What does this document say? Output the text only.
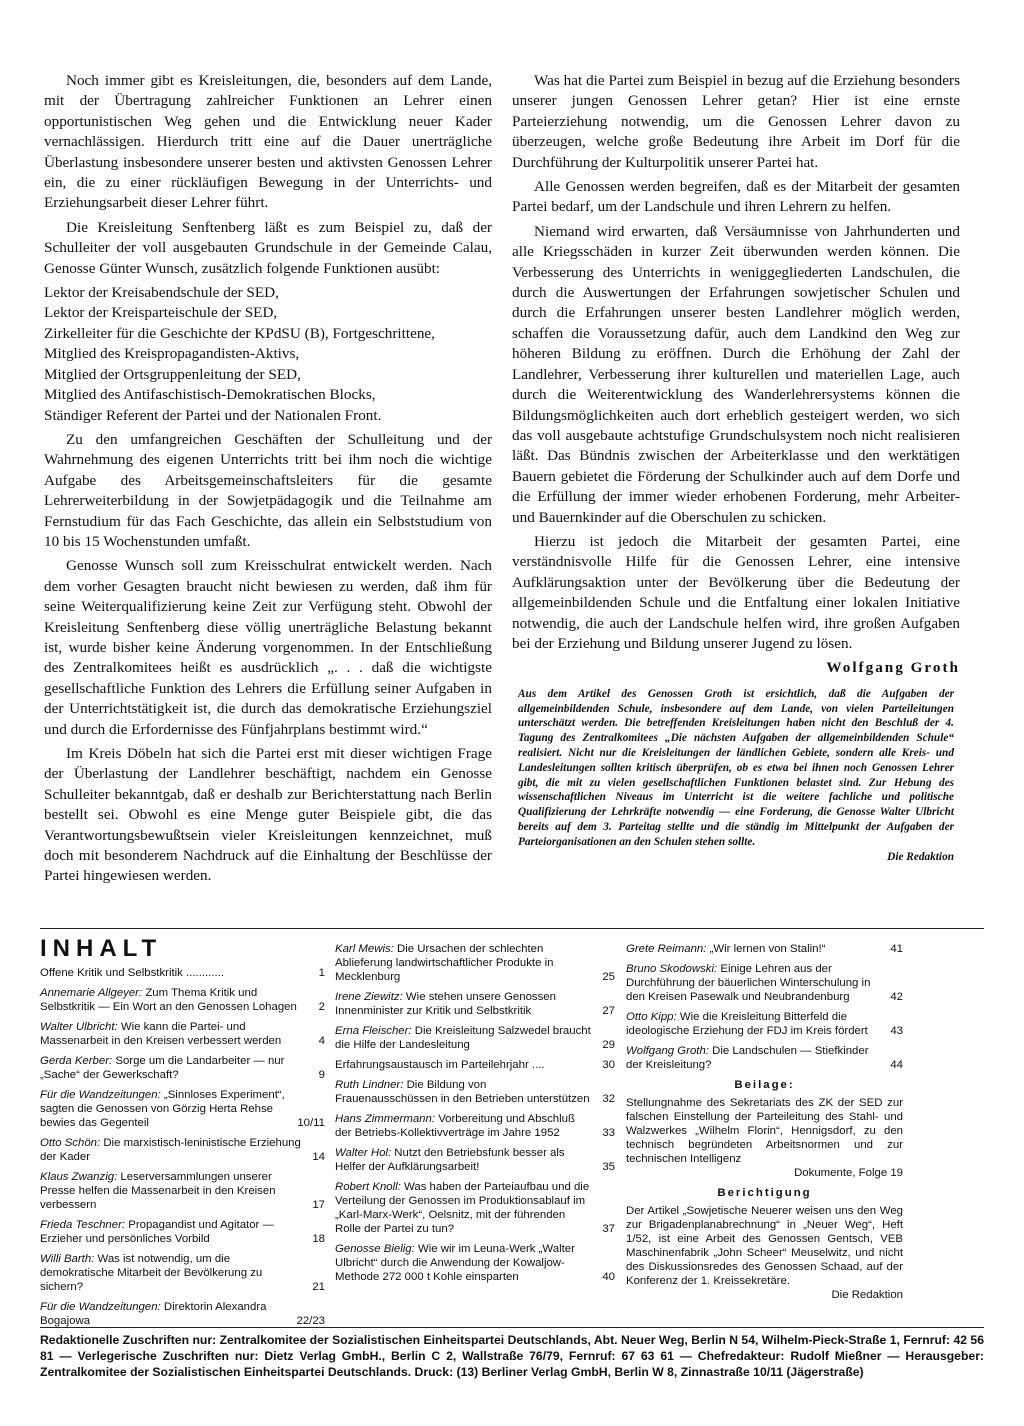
Noch immer gibt es Kreisleitungen, die, besonders auf dem Lande, mit der Übertragung zahlreicher Funktionen an Lehrer einen opportunistischen Weg gehen und die Entwicklung neuer Kader vernachlässigen. Hierdurch tritt eine auf die Dauer unerträgliche Überlastung insbesondere unserer besten und aktivsten Genossen Lehrer ein, die zu einer rückläufigen Bewegung in der Unterrichts- und Erziehungsarbeit dieser Lehrer führt.

Die Kreisleitung Senftenberg läßt es zum Beispiel zu, daß der Schulleiter der voll ausgebauten Grundschule in der Gemeinde Calau, Genosse Günter Wunsch, zusätzlich folgende Funktionen ausübt:

Lektor der Kreisabendschule der SED,

Lektor der Kreisparteischule der SED,

Zirkelleiter für die Geschichte der KPdSU (B), Fortgeschrittene,

Mitglied des Kreispropagandisten-Aktivs,

Mitglied der Ortsgruppenleitung der SED,

Mitglied des Antifaschistisch-Demokratischen Blocks,

Ständiger Referent der Partei und der Nationalen Front.

Zu den umfangreichen Geschäften der Schulleitung und der Wahrnehmung des eigenen Unterrichts tritt bei ihm noch die wichtige Aufgabe des Arbeitsgemeinschaftsleiters für die gesamte Lehrerweiterbildung in der Sowjetpädagogik und die Teilnahme am Fernstudium für das Fach Geschichte, das allein ein Selbststudium von 10 bis 15 Wochenstunden umfaßt.

Genosse Wunsch soll zum Kreisschulrat entwickelt werden. Nach dem vorher Gesagten braucht nicht bewiesen zu werden, daß ihm für seine Weiterqualifizierung keine Zeit zur Verfügung steht. Obwohl der Kreisleitung Senftenberg diese völlig unerträgliche Belastung bekannt ist, wurde bisher keine Änderung vorgenommen. In der Entschließung des Zentralkomitees heißt es ausdrücklich „. . . daß die wichtigste gesellschaftliche Funktion des Lehrers die Erfüllung seiner Aufgaben in der Unterrichtstätigkeit ist, die durch das demokratische Erziehungsziel und durch die Erfordernisse des Fünfjahrplans bestimmt wird.“

Im Kreis Döbeln hat sich die Partei erst mit dieser wichtigen Frage der Überlastung der Landlehrer beschäftigt, nachdem ein Genosse Schulleiter bekanntgab, daß er deshalb zur Berichterstattung nach Berlin bestellt sei. Obwohl es eine Menge guter Beispiele gibt, die das Verantwortungsbewußtsein vieler Kreisleitungen kennzeichnet, muß doch mit besonderem Nachdruck auf die Einhaltung der Beschlüsse der Partei hingewiesen werden.

Was hat die Partei zum Beispiel in bezug auf die Erziehung besonders unserer jungen Genossen Lehrer getan? Hier ist eine ernste Parteierziehung notwendig, um die Genossen Lehrer davon zu überzeugen, welche große Bedeutung ihre Arbeit im Dorf für die Durchführung der Kulturpolitik unserer Partei hat.

Alle Genossen werden begreifen, daß es der Mitarbeit der gesamten Partei bedarf, um der Landschule und ihren Lehrern zu helfen.

Niemand wird erwarten, daß Versäumnisse von Jahrhunderten und alle Kriegsschäden in kurzer Zeit überwunden werden können. Die Verbesserung des Unterrichts in weniggegliederten Landschulen, die durch die Auswertungen der Erfahrungen sowjetischer Schulen und durch die Erfahrungen unserer besten Landlehrer möglich werden, schaffen die Voraussetzung dafür, auch dem Landkind den Weg zur höheren Bildung zu eröffnen. Durch die Erhöhung der Zahl der Landlehrer, Verbesserung ihrer kulturellen und materiellen Lage, auch durch die Weiterentwicklung des Wanderlehrersystems können die Bildungsmöglichkeiten auch dort erheblich gesteigert werden, wo sich das voll ausgebaute achtstufige Grundschulsystem noch nicht realisieren läßt. Das Bündnis zwischen der Arbeiterklasse und den werktätigen Bauern gebietet die Förderung der Schulkinder auch auf dem Dorfe und die Erfüllung der immer wieder erhobenen Forderung, mehr Arbeiter- und Bauernkinder auf die Oberschulen zu schicken.

Hierzu ist jedoch die Mitarbeit der gesamten Partei, eine verständnisvolle Hilfe für die Genossen Lehrer, eine intensive Aufklärungsaktion unter der Bevölkerung über die Bedeutung der allgemeinbildenden Schule und die Entfaltung einer lokalen Initiative notwendig, die auch der Landschule helfen wird, ihre großen Aufgaben bei der Erziehung und Bildung unserer Jugend zu lösen.

Wolfgang Groth
Aus dem Artikel des Genossen Groth ist ersichtlich, daß die Aufgaben der allgemeinbildenden Schule, insbesondere auf dem Lande, von vielen Parteileitungen unterschätzt werden. Die betreffenden Kreisleitungen haben nicht den Beschluß der 4. Tagung des Zentralkomitees „Die nächsten Aufgaben der allgemeinbildenden Schule“ realisiert. Nicht nur die Kreisleitungen der ländlichen Gebiete, sondern alle Kreis- und Landesleitungen sollten kritisch überprüfen, ob es etwa bei ihnen noch Genossen Lehrer gibt, die mit zu vielen gesellschaftlichen Funktionen belastet sind. Zur Hebung des wissenschaftlichen Niveaus im Unterricht ist die weitere fachliche und politische Qualifizierung der Lehrkräfte notwendig — eine Forderung, die Genosse Walter Ulbricht bereits auf dem 3. Parteitag stellte und die ständig im Mittelpunkt der Aufgaben der Parteiorganisationen an den Schulen stehen sollte.
Die Redaktion
INHALT
Offene Kritik und Selbstkritik ............	1
Annemarie Allgeyer: Zum Thema Kritik und Selbstkritik — Ein Wort an den Genossen Lohagen 2
Walter Ulbricht: Wie kann die Partei- und Massenarbeit in den Kreisen verbessert werden	4
Gerda Kerber: Sorge um die Landarbeiter — nur „Sache“ der Gewerkschaft?	9
Für die Wandzeitungen: „Sinnloses Experiment“, sagten die Genossen von Görzig Herta Rehse bewies das Gegenteil	10/11
Otto Schön: Die marxistisch-leninistische Erziehung der Kader	14
Klaus Zwanzig: Leserversammlungen unserer Presse helfen die Massenarbeit in den Kreisen verbessern	17
Frieda Teschner: Propagandist und Agitator — Erzieher und persönliches Vorbild	18
Willi Barth: Was ist notwendig, um die demokratische Mitarbeit der Bevölkerung zu sichern?	21
Für die Wandzeitungen: Direktorin Alexandra Bogajowa	22/23
Karl Mewis: Die Ursachen der schlechten Ablieferung landwirtschaftlicher Produkte in Mecklenburg	25
Irene Ziewitz: Wie stehen unsere Genossen Innenminister zur Kritik und Selbstkritik	27
Erna Fleischer: Die Kreisleitung Salzwedel braucht die Hilfe der Landesleitung	29
Erfahrungsaustausch im Parteilehrjahr ....	30
Ruth Lindner: Die Bildung von Frauenausschüssen in den Betrieben unterstützen 32
Hans Zimmermann: Vorbereitung und Abschluß der Betriebs-Kollektivverträge im Jahre 1952	33
Walter Hol: Nutzt den Betriebsfunk besser als Helfer der Aufklärungsarbeit!	35
Robert Knoll: Was haben der Parteiaufbau und die Verteilung der Genossen im Produktionsablauf im „Karl-Marx-Werk“, Oelsnitz, mit der führenden Rolle der Partei zu tun?	37
Genosse Bielig: Wie wir im Leuna-Werk „Walter Ulbricht“ durch die Anwendung der Kowaljow-Methode 272 000 t Kohle einsparten	40
Grete Reimann: „Wir lernen von Stalin!“	41
Bruno Skodowski: Einige Lehren aus der Durchführung der bäuerlichen Winterschulung in den Kreisen Pasewalk und Neubrandenburg	42
Otto Kipp: Wie die Kreisleitung Bitterfeld die ideologische Erziehung der FDJ im Kreis fördert 43
Wolfgang Groth: Die Landschulen — Stiefkinder der Kreisleitung?	44
Beilage:
Stellungnahme des Sekretariats des ZK der SED zur falschen Einstellung der Parteileitung des Stahl- und Walzwerkes „Wilhelm Florin“, Hennigsdorf, zu den technisch begründeten Arbeitsnormen und zur technischen Intelligenz
Dokumente, Folge 19
Berichtigung
Der Artikel „Sowjetische Neuerer weisen uns den Weg zur Brigadenplanabrechnung“ in „Neuer Weg“, Heft 1/52, ist eine Arbeit des Genossen Gentsch, VEB Maschinenfabrik „John Scheer“ Meuselwitz, und nicht des Diskussionsredes des Genossen Schaad, auf der Konferenz der 1. Kreissekretäre.
Die Redaktion
Redaktionelle Zuschriften nur: Zentralkomitee der Sozialistischen Einheitspartei Deutschlands, Abt. Neuer Weg, Berlin N 54, Wilhelm-Pieck-Straße 1, Fernruf: 42 56 81 — Verlegerische Zuschriften nur: Dietz Verlag GmbH., Berlin C 2, Wallstraße 76/79, Fernruf: 67 63 61 — Chefredakteur: Rudolf Mießner — Herausgeber: Zentralkomitee der Sozialistischen Einheitspartei Deutschlands. Druck: (13) Berliner Verlag GmbH, Berlin W 8, Zinnastraße 10/11 (Jägerstraße)
